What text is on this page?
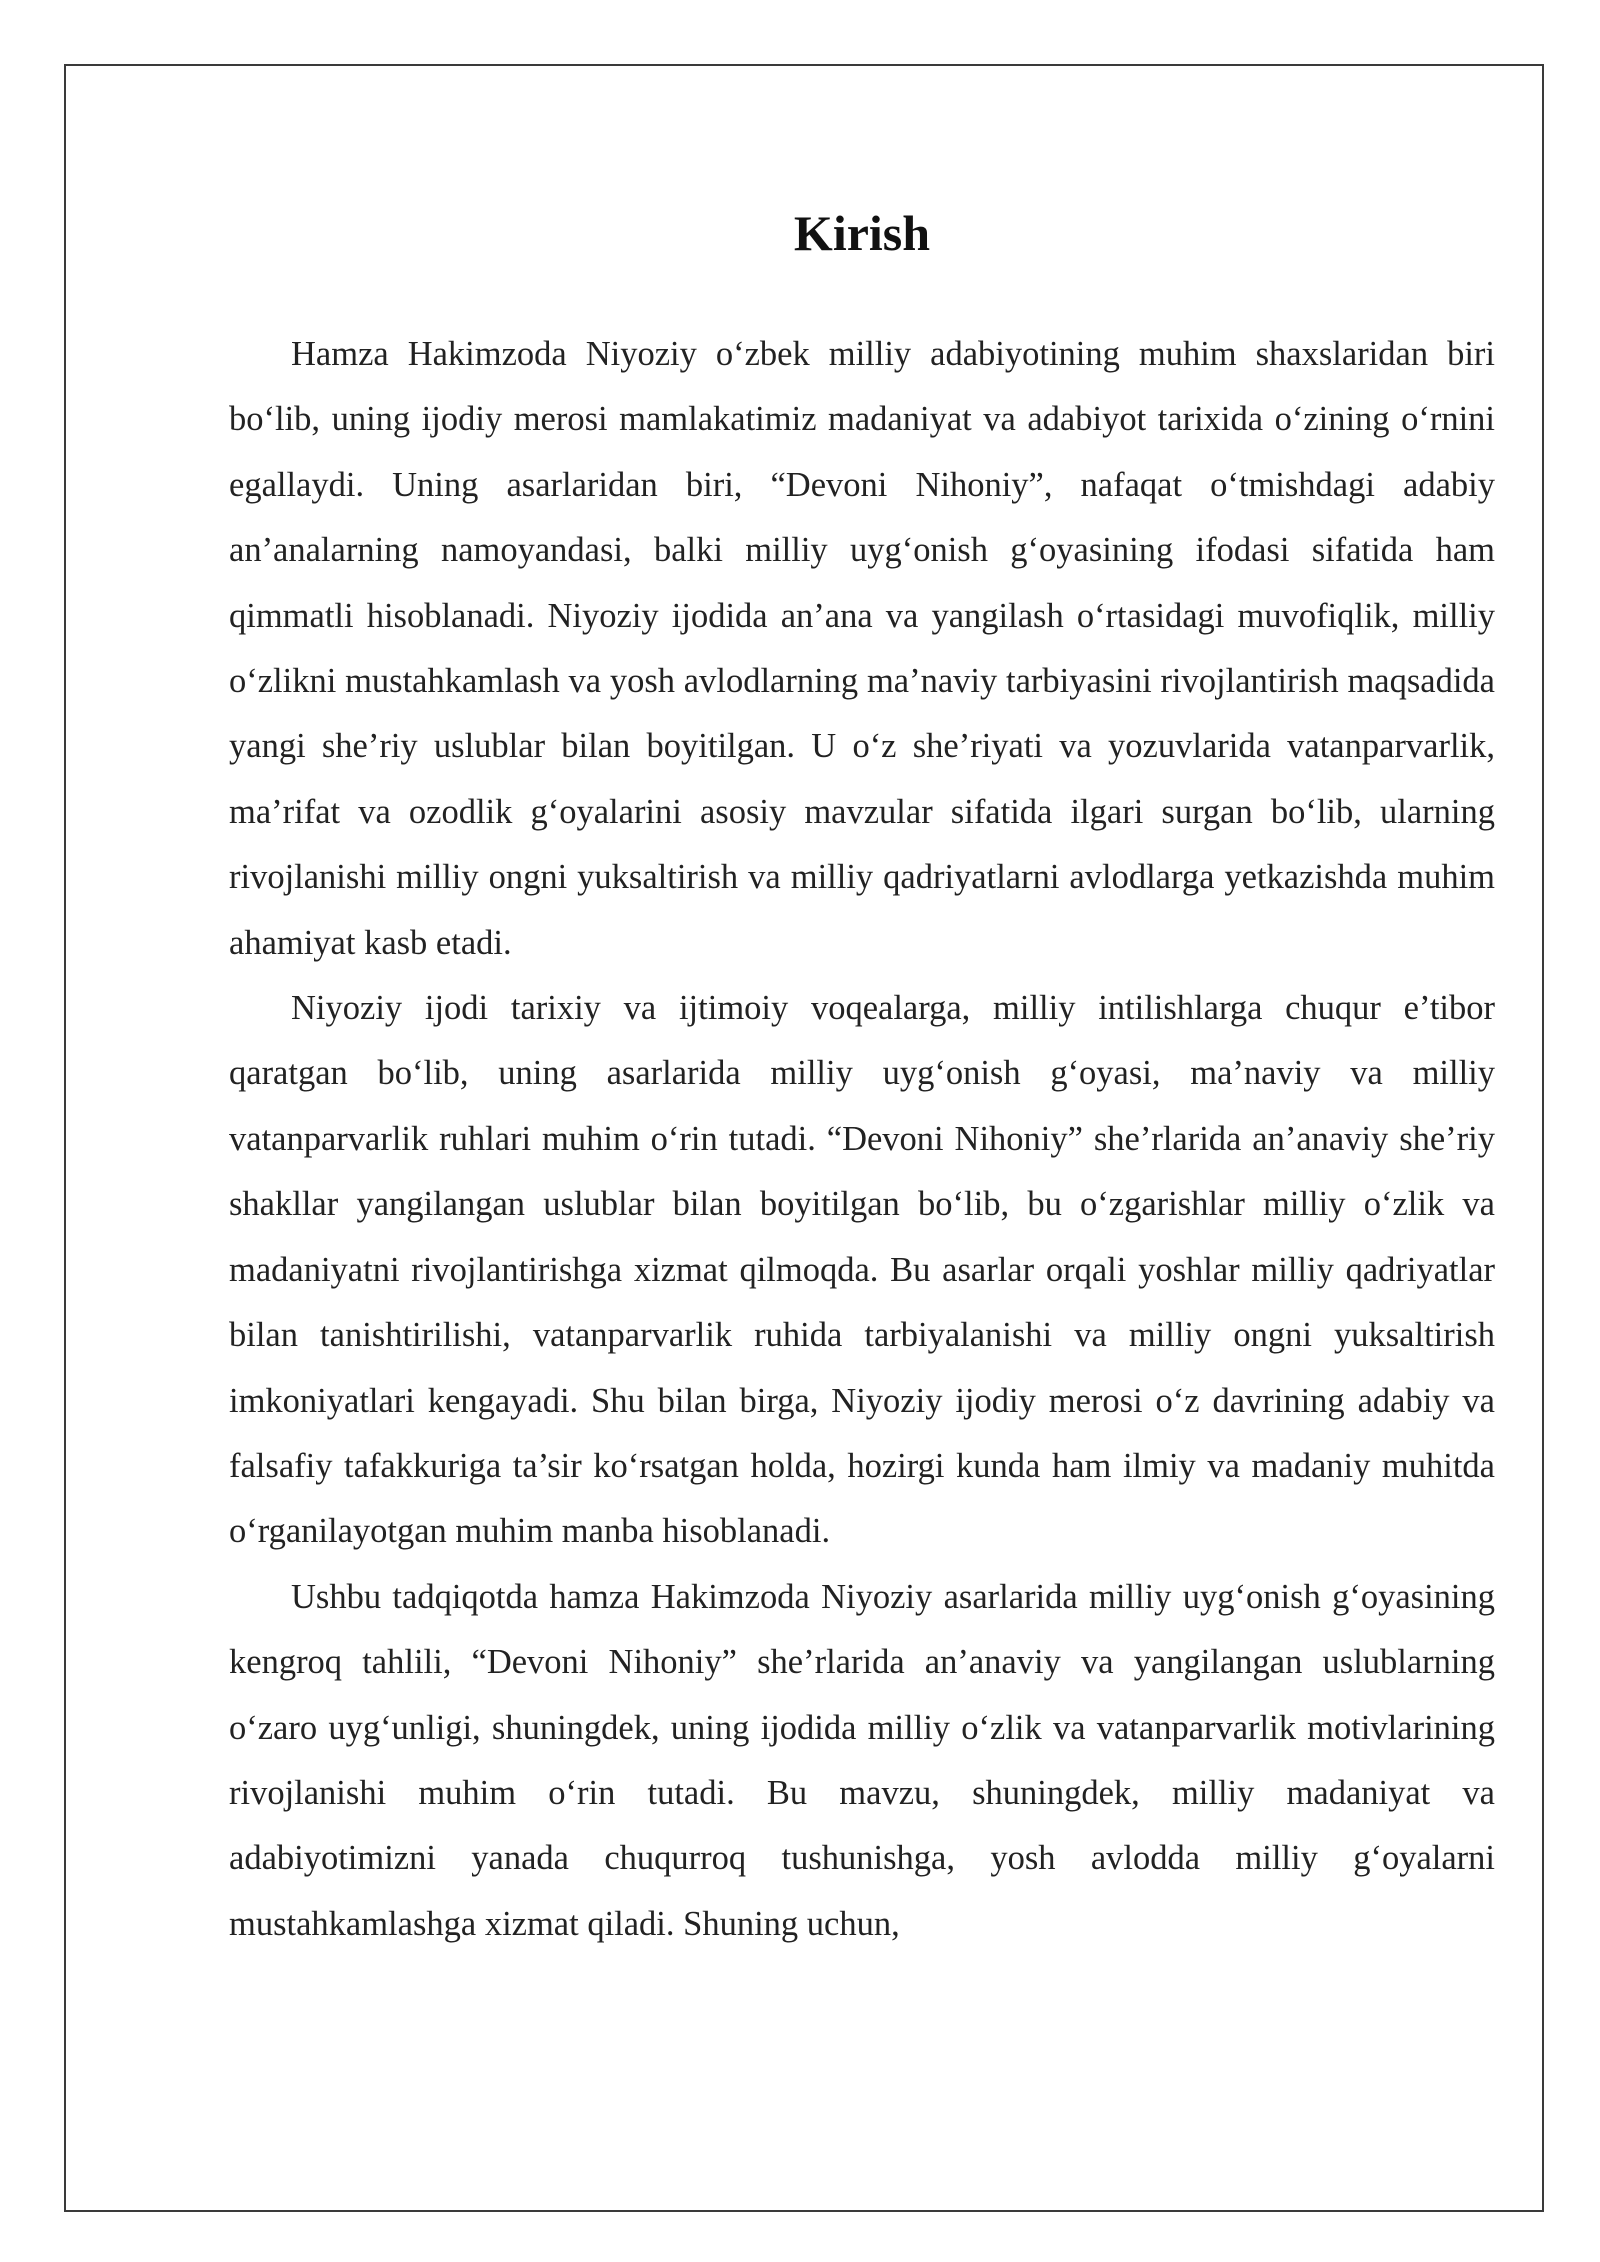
Kirish

Hamza Hakimzoda Niyoziy o‘zbek milliy adabiyotining muhim shaxslaridan biri bo‘lib, uning ijodiy merosi mamlakatimiz madaniyat va adabiyot tarixida o‘zining o‘rnini egallaydi. Uning asarlaridan biri, “Devoni Nihoniy”, nafaqat o‘tmishdagi adabiy an’analarning namoyandasi, balki milliy uyg‘onish g‘oyasining ifodasi sifatida ham qimmatli hisoblanadi. Niyoziy ijodida an’ana va yangilash o‘rtasidagi muvofiqlik, milliy o‘zlikni mustahkamlash va yosh avlodlarning ma’naviy tarbiyasini rivojlantirish maqsadida yangi she’riy uslublar bilan boyitilgan. U o‘z she’riyati va yozuvlarida vatanparvarlik, ma’rifat va ozodlik g‘oyalarini asosiy mavzular sifatida ilgari surgan bo‘lib, ularning rivojlanishi milliy ongni yuksaltirish va milliy qadriyatlarni avlodlarga yetkazishda muhim ahamiyat kasb etadi.

Niyoziy ijodi tarixiy va ijtimoiy voqealarga, milliy intilishlarga chuqur e’tibor qaratgan bo‘lib, uning asarlarida milliy uyg‘onish g‘oyasi, ma’naviy va milliy vatanparvarlik ruhlari muhim o‘rin tutadi. “Devoni Nihoniy” she’rlarida an’anaviy she’riy shakllar yangilangan uslublar bilan boyitilgan bo‘lib, bu o‘zgarishlar milliy o‘zlik va madaniyatni rivojlantirishga xizmat qilmoqda. Bu asarlar orqali yoshlar milliy qadriyatlar bilan tanishtirilishi, vatanparvarlik ruhida tarbiyalanishi va milliy ongni yuksaltirish imkoniyatlari kengayadi. Shu bilan birga, Niyoziy ijodiy merosi o‘z davrining adabiy va falsafiy tafakkuriga ta’sir ko‘rsatgan holda, hozirgi kunda ham ilmiy va madaniy muhitda o‘rganilayotgan muhim manba hisoblanadi.

Ushbu tadqiqotda hamza Hakimzoda Niyoziy asarlarida milliy uyg‘onish g‘oyasining kengroq tahlili, “Devoni Nihoniy” she’rlarida an’anaviy va yangilangan uslublarning o‘zaro uyg‘unligi, shuningdek, uning ijodida milliy o‘zlik va vatanparvarlik motivlarining rivojlanishi muhim o‘rin tutadi. Bu mavzu, shuningdek, milliy madaniyat va adabiyotimizni yanada chuqurroq tushunishga, yosh avlodda milliy g‘oyalarni mustahkamlashga xizmat qiladi. Shuning uchun,
